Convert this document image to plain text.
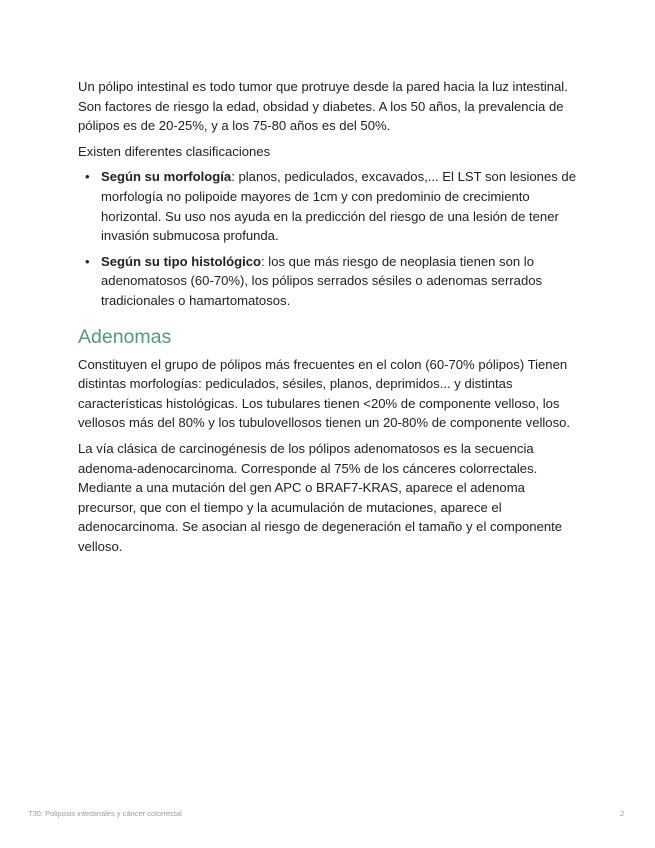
Un pólipo intestinal es todo tumor que protruye desde la pared hacia la luz intestinal. Son factores de riesgo la edad, obsidad y diabetes. A los 50 años, la prevalencia de pólipos es de 20-25%, y a los 75-80 años es del 50%.

Existen diferentes clasificaciones

• Según su morfología: planos, pediculados, excavados,... El LST son lesiones de morfología no polipoide mayores de 1cm y con predominio de crecimiento horizontal. Su uso nos ayuda en la predicción del riesgo de una lesión de tener invasión submucosa profunda.
• Según su tipo histológico: los que más riesgo de neoplasia tienen son lo adenomatosos (60-70%), los pólipos serrados sésiles o adenomas serrados tradicionales o hamartomatosos.
Adenomas

Constituyen el grupo de pólipos más frecuentes en el colon (60-70% pólipos) Tienen distintas morfologías: pediculados, sésiles, planos, deprimidos... y distintas características histológicas. Los tubulares tienen <20% de componente velloso, los vellosos más del 80% y los tubulovellosos tienen un 20-80% de componente velloso.

La vía clásica de carcinogénesis de los pólipos adenomatosos es la secuencia adenoma-adenocarcinoma. Corresponde al 75% de los cánceres colorrectales. Mediante a una mutación del gen APC o BRAF7-KRAS, aparece el adenoma precursor, que con el tiempo y la acumulación de mutaciones, aparece el adenocarcinoma. Se asocian al riesgo de degeneración el tamaño y el componente velloso.

T30: Poliposis intestinales y cáncer colorrectal	2
